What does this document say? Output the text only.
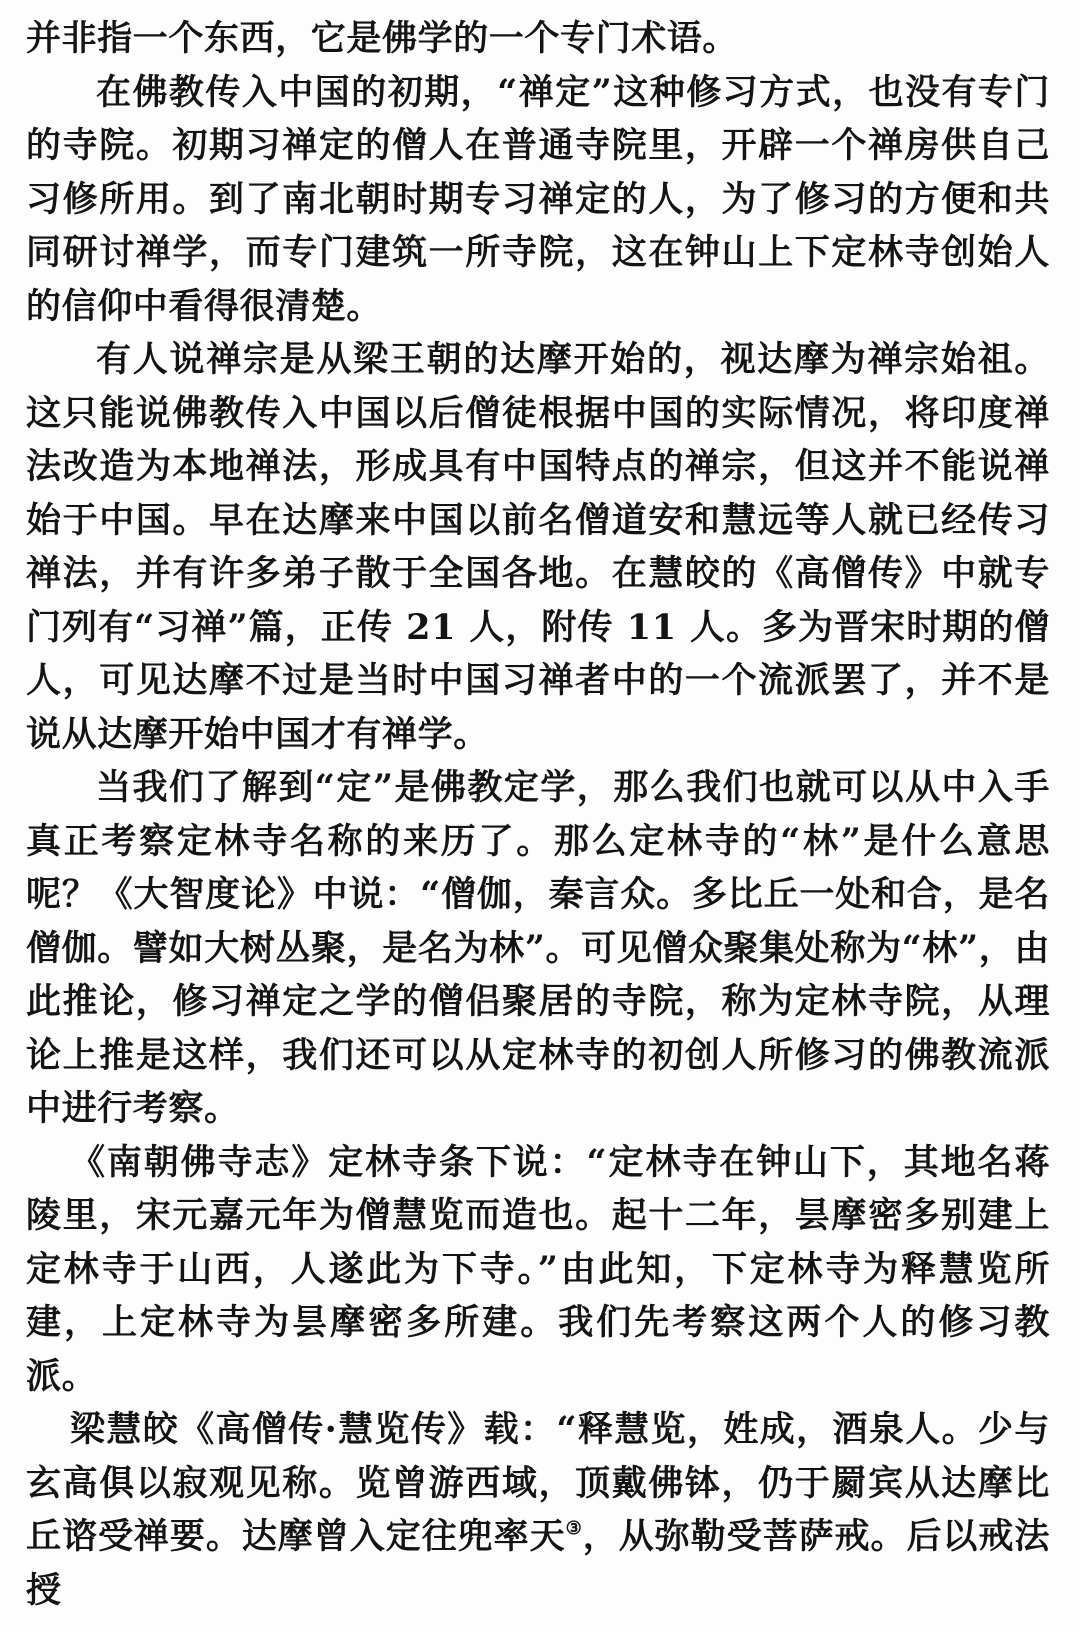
并非指一个东西，它是佛学的一个专门术语。

在佛教传入中国的初期，“禅定”这种修习方式，也没有专门的寺院。初期习禅定的僧人在普通寺院里，开辟一个禅房供自己习修所用。到了南北朝时期专习禅定的人，为了修习的方便和共同研讨禅学，而专门建筑一所寺院，这在钟山上下定林寺创始人的信仰中看得很清楚。

有人说禅宗是从梁王朝的达摩开始的，视达摩为禅宗始祖。这只能说佛教传入中国以后僧徒根据中国的实际情况，将印度禅法改造为本地禅法，形成具有中国特点的禅宗，但这并不能说禅始于中国。早在达摩来中国以前名僧道安和慧远等人就已经传习禅法，并有许多弟子散于全国各地。在慧皎的《高僧传》中就专门列有“习禅”篇，正传 21 人，附传 11 人。多为晋宋时期的僧人，可见达摩不过是当时中国习禅者中的一个流派罢了，并不是说从达摩开始中国才有禅学。

当我们了解到“定”是佛教定学，那么我们也就可以从中入手真正考察定林寺名称的来历了。那么定林寺的“林”是什么意思呢？《大智度论》中说：“僧伽，秦言众。多比丘一处和合，是名僧伽。譬如大树丛聚，是名为林”。可见僧众聚集处称为“林”，由此推论，修习禅定之学的僧侣聚居的寺院，称为定林寺院，从理论上推是这样，我们还可以从定林寺的初创人所修习的佛教流派中进行考察。

《南朝佛寺志》定林寺条下说：“定林寺在钟山下，其地名蒋陵里，宋元嘉元年为僧慧览而造也。起十二年，昙摩密多别建上定林寺于山西，人遂此为下寺。”由此知，下定林寺为释慧览所建，上定林寺为昙摩密多所建。我们先考察这两个人的修习教派。

梁慧皎《高僧传·慧览传》载：“释慧览，姓成，酒泉人。少与玄高俱以寂观见称。览曾游西域，顶戴佛钵，仍于罽宾从达摩比丘谘受禅要。达摩曾入定往兜率天③，从弥勒受菩萨戒。后以戒法授
